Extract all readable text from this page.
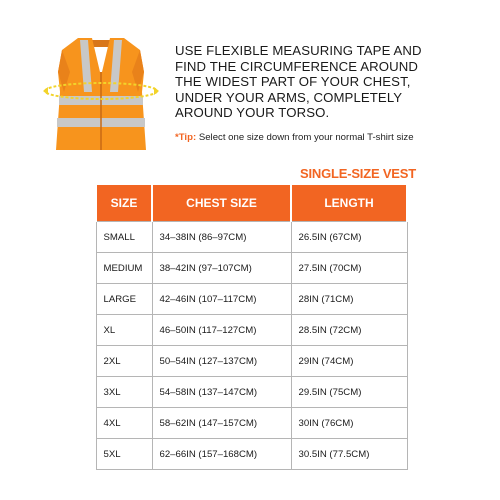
USE FLEXIBLE MEASURING TAPE AND
FIND THE CIRCUMFERENCE AROUND
THE WIDEST PART OF YOUR CHEST,
UNDER YOUR ARMS, COMPLETELY
AROUND YOUR TORSO.
*Tip: Select one size down from your normal T-shirt size
SINGLE-SIZE VEST
SIZE	CHEST SIZE	LENGTH
SMALL	34–38IN (86–97CM)	26.5IN (67CM)
MEDIUM	38–42IN (97–107CM)	27.5IN (70CM)
LARGE	42–46IN (107–117CM)	28IN (71CM)
XL	46–50IN (117–127CM)	28.5IN (72CM)
2XL	50–54IN (127–137CM)	29IN (74CM)
3XL	54–58IN (137–147CM)	29.5IN (75CM)
4XL	58–62IN (147–157CM)	30IN (76CM)
5XL	62–66IN (157–168CM)	30.5IN (77.5CM)
